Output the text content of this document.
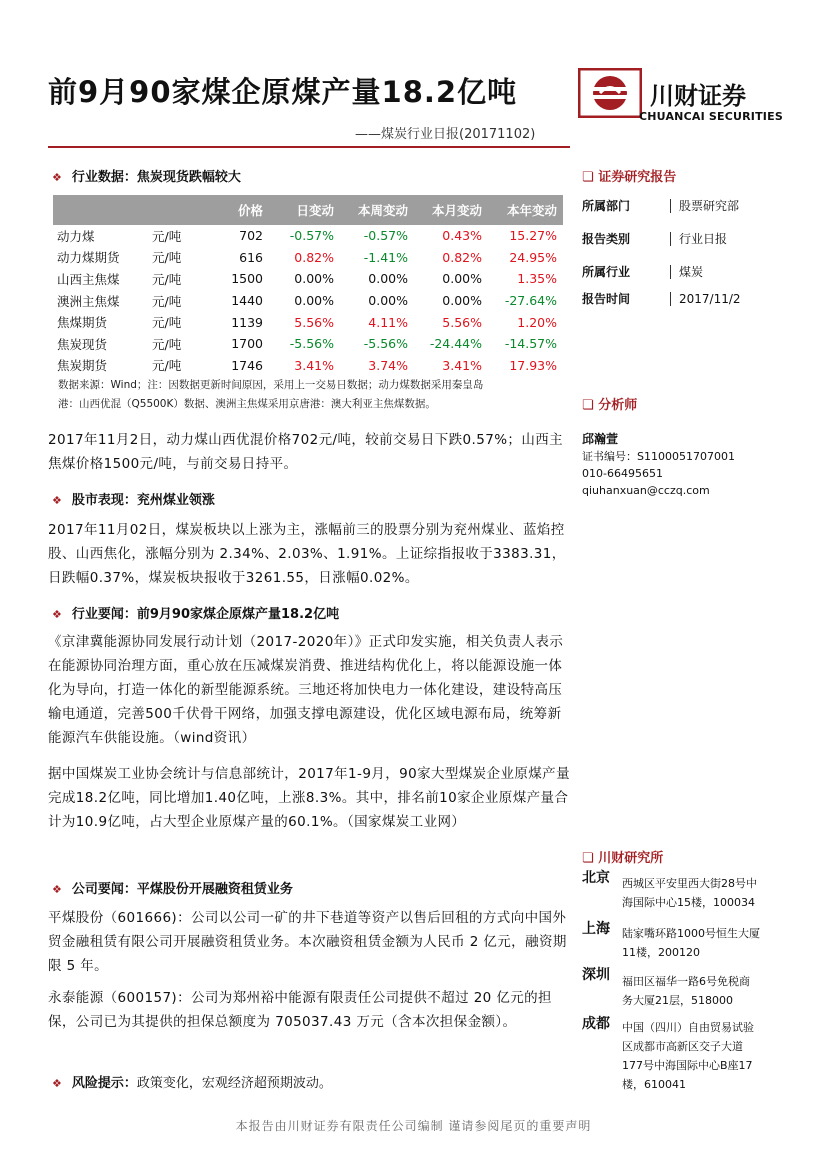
前9月90家煤企原煤产量18.2亿吨
——煤炭行业日报(20171102)
川财证券
CHUANCAI SECURITIES
❖ 行业数据：焦炭现货跌幅较大
		价格	日变动	本周变动	本月变动	本年变动
动力煤	元/吨	702	-0.57%	-0.57%	0.43%	15.27%
动力煤期货	元/吨	616	0.82%	-1.41%	0.82%	24.95%
山西主焦煤	元/吨	1500	0.00%	0.00%	0.00%	1.35%
澳洲主焦煤	元/吨	1440	0.00%	0.00%	0.00%	-27.64%
焦煤期货	元/吨	1139	5.56%	4.11%	5.56%	1.20%
焦炭现货	元/吨	1700	-5.56%	-5.56%	-24.44%	-14.57%
焦炭期货	元/吨	1746	3.41%	3.74%	3.41%	17.93%
数据来源：Wind；注：因数据更新时间原因，采用上一交易日数据；动力煤数据采用秦皇岛
港：山西优混（Q5500K）数据、澳洲主焦煤采用京唐港：澳大利亚主焦煤数据。
2017年11月2日，动力煤山西优混价格702元/吨，较前交易日下跌0.57%；山西主焦煤价格1500元/吨，与前交易日持平。
❖ 股市表现：兖州煤业领涨
2017年11月02日，煤炭板块以上涨为主，涨幅前三的股票分别为兖州煤业、蓝焰控股、山西焦化，涨幅分别为 2.34%、2.03%、1.91%。上证综指报收于3383.31，日跌幅0.37%，煤炭板块报收于3261.55，日涨幅0.02%。
❖ 行业要闻：前9月90家煤企原煤产量18.2亿吨
《京津冀能源协同发展行动计划（2017-2020年）》正式印发实施，相关负责人表示在能源协同治理方面，重心放在压减煤炭消费、推进结构优化上，将以能源设施一体化为导向，打造一体化的新型能源系统。三地还将加快电力一体化建设，建设特高压输电通道，完善500千伏骨干网络，加强支撑电源建设，优化区域电源布局，统筹新能源汽车供能设施。（wind资讯）
据中国煤炭工业协会统计与信息部统计，2017年1-9月，90家大型煤炭企业原煤产量完成18.2亿吨，同比增加1.40亿吨，上涨8.3%。其中，排名前10家企业原煤产量合计为10.9亿吨，占大型企业原煤产量的60.1%。（国家煤炭工业网）
❖ 公司要闻：平煤股份开展融资租赁业务
平煤股份（601666)：公司以公司一矿的井下巷道等资产以售后回租的方式向中国外贸金融租赁有限公司开展融资租赁业务。本次融资租赁金额为人民币 2 亿元，融资期限 5 年。
永泰能源（600157)：公司为郑州裕中能源有限责任公司提供不超过 20 亿元的担保，公司已为其提供的担保总额度为 705037.43 万元（含本次担保金额）。
❖ 风险提示：政策变化，宏观经济超预期波动。
❏ 证券研究报告
所属部门	股票研究部
报告类别	行业日报
所属行业	煤炭
报告时间	2017/11/2
❏ 分析师
邱瀚萱
证书编号：S1100051707001
010-66495651
qiuhanxuan@cczq.com
❏ 川财研究所
北京 西城区平安里西大街28号中
海国际中心15楼，100034
上海 陆家嘴环路1000号恒生大厦
11楼，200120
深圳 福田区福华一路6号免税商
务大厦21层，518000
成都 中国（四川）自由贸易试验
区成都市高新区交子大道
177号中海国际中心B座17
楼，610041
本报告由川财证券有限责任公司编制 谨请参阅尾页的重要声明
